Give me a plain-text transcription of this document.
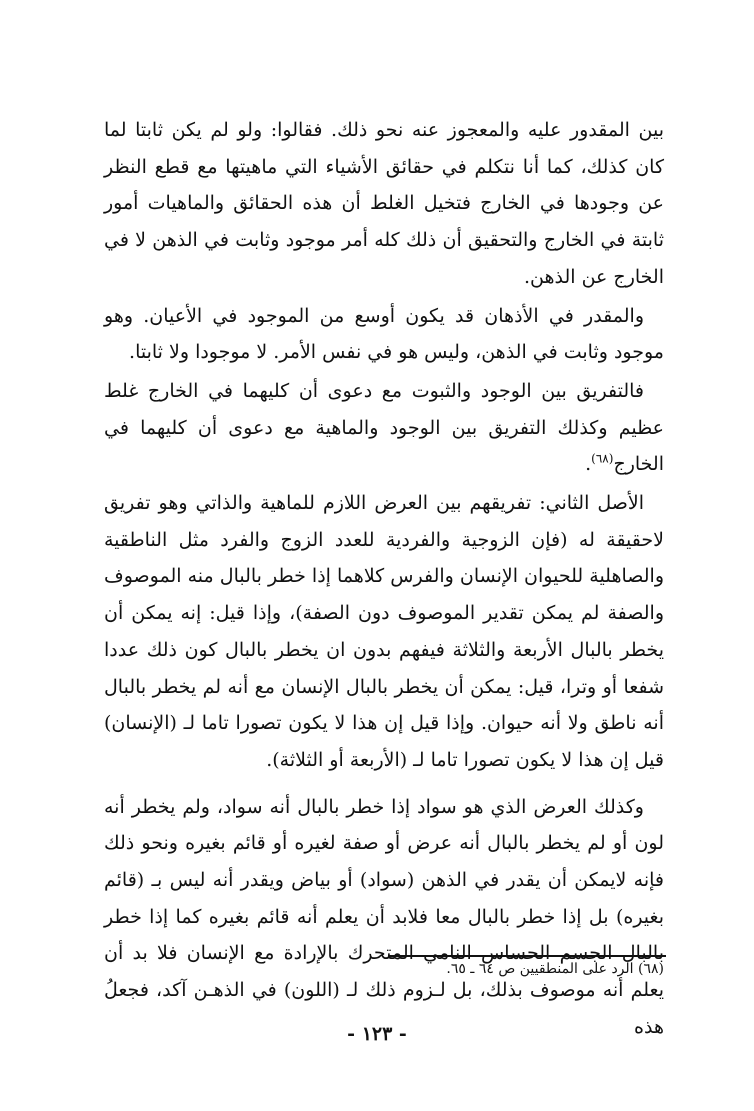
بين المقدور عليه والمعجوز عنه نحو ذلك. فقالوا: ولو لم يكن ثابتا لما كان كذلك، كما أنا نتكلم في حقائق الأشياء التي ماهيتها مع قطع النظر عن وجودها في الخارج فتخيل الغلط أن هذه الحقائق والماهيات أمور ثابتة في الخارج والتحقيق أن ذلك كله أمر موجود وثابت في الذهن لا في الخارج عن الذهن.

والمقدر في الأذهان قد يكون أوسع من الموجود في الأعيان. وهو موجود وثابت في الذهن، وليس هو في نفس الأمر. لا موجودا ولا ثابتا.

فالتفريق بين الوجود والثبوت مع دعوى أن كليهما في الخارج غلط عظيم وكذلك التفريق بين الوجود والماهية مع دعوى أن كليهما في الخارج$^{(٦٨)}$.

الأصل الثاني: تفريقهم بين العرض اللازم للماهية والذاتي وهو تفريق لاحقيقة له (فإن الزوجية والفردية للعدد الزوج والفرد مثل الناطقية والصاهلية للحيوان الإنسان والفرس كلاهما إذا خطر بالبال منه الموصوف والصفة لم يمكن تقدير الموصوف دون الصفة)، وإذا قيل: إنه يمكن أن يخطر بالبال الأربعة والثلاثة فيفهم بدون ان يخطر بالبال كون ذلك عددا شفعا أو وترا، قيل: يمكن أن يخطر بالبال الإنسان مع أنه لم يخطر بالبال أنه ناطق ولا أنه حيوان. وإذا قيل إن هذا لا يكون تصورا تاما لـ (الإنسان) قيل إن هذا لا يكون تصورا تاما لـ (الأربعة أو الثلاثة).

وكذلك العرض الذي هو سواد إذا خطر بالبال أنه سواد، ولم يخطر أنه لون أو لم يخطر بالبال أنه عرض أو صفة لغيره أو قائم بغيره ونحو ذلك فإنه لايمكن أن يقدر في الذهن (سواد) أو بياض ويقدر أنه ليس بـ (قائم بغيره) بل إذا خطر بالبال معا فلابد أن يعلم أنه قائم بغيره كما إذا خطر بالبال الجسم الحساس النامي المتحرك بالإرادة مع الإنسان فلا بد أن يعلم أنه موصوف بذلك، بل لـزوم ذلك لـ (اللون) في الذهـن آكد، فجعلُ هذه

(٦٨) الرد على المنطقيين ص ٦٤ ـ ٦٥.
- ١٢٣ -
